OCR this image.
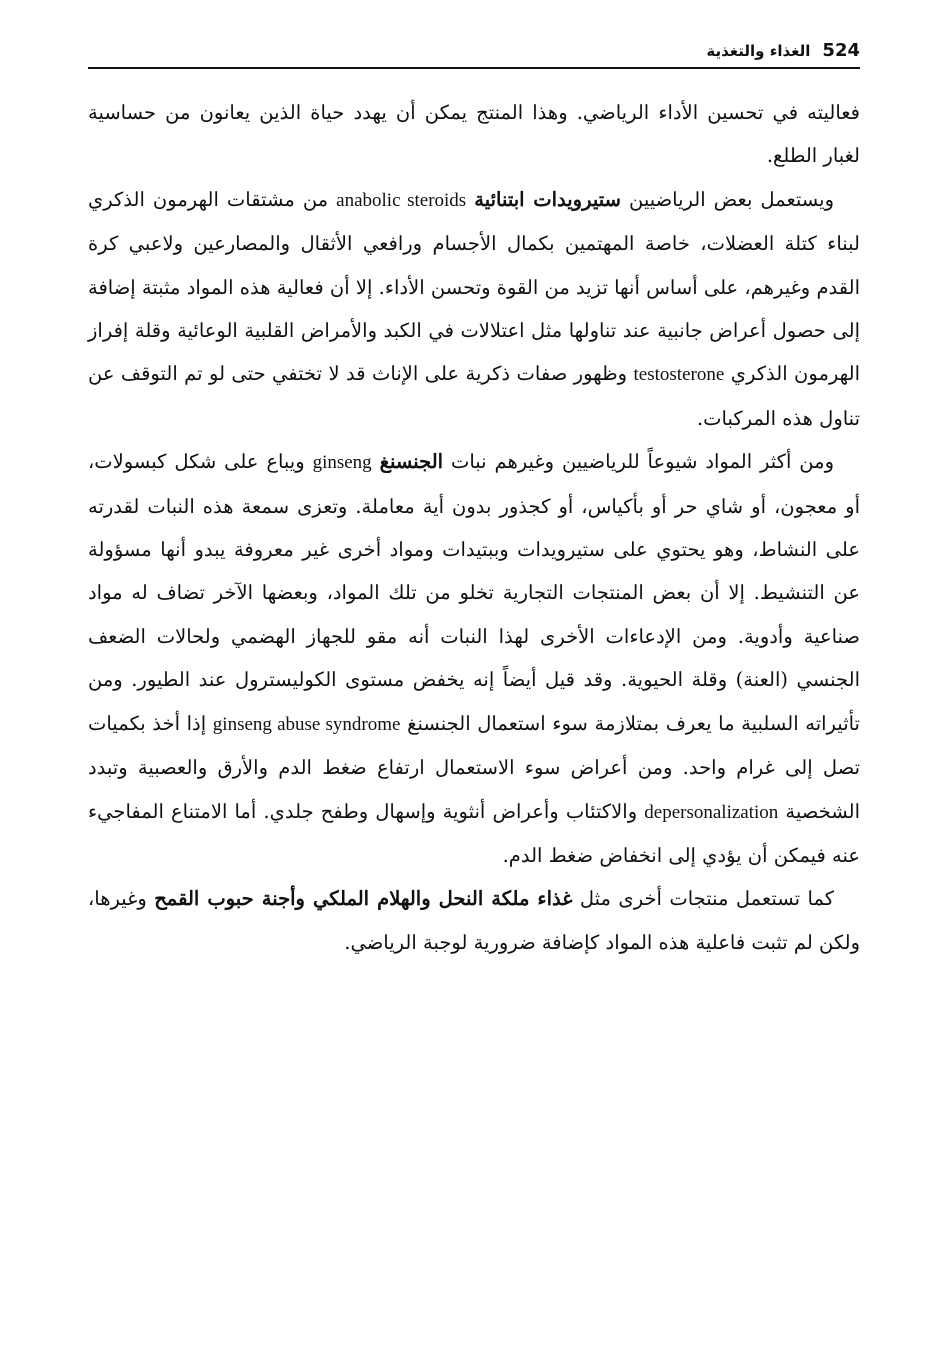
524
الغذاء والتغذية

فعاليته في تحسين الأداء الرياضي. وهذا المنتج يمكن أن يهدد حياة الذين يعانون من حساسية لغبار الطلع.

ويستعمل بعض الرياضيين ستيرويدات ابتنائية anabolic steroids من مشتقات الهرمون الذكري لبناء كتلة العضلات، خاصة المهتمين بكمال الأجسام ورافعي الأثقال والمصارعين ولاعبي كرة القدم وغيرهم، على أساس أنها تزيد من القوة وتحسن الأداء. إلا أن فعالية هذه المواد مثبتة إضافة إلى حصول أعراض جانبية عند تناولها مثل اعتلالات في الكبد والأمراض القلبية الوعائية وقلة إفراز الهرمون الذكري testosterone وظهور صفات ذكرية على الإناث قد لا تختفي حتى لو تم التوقف عن تناول هذه المركبات.

ومن أكثر المواد شيوعاً للرياضيين وغيرهم نبات الجنسنغ ginseng ويباع على شكل كبسولات، أو معجون، أو شاي حر أو بأكياس، أو كجذور بدون أية معاملة. وتعزى سمعة هذه النبات لقدرته على النشاط، وهو يحتوي على ستيرويدات وببتيدات ومواد أخرى غير معروفة يبدو أنها مسؤولة عن التنشيط. إلا أن بعض المنتجات التجارية تخلو من تلك المواد، وبعضها الآخر تضاف له مواد صناعية وأدوية. ومن الإدعاءات الأخرى لهذا النبات أنه مقو للجهاز الهضمي ولحالات الضعف الجنسي (العنة) وقلة الحيوية. وقد قيل أيضاً إنه يخفض مستوى الكوليسترول عند الطيور. ومن تأثيراته السلبية ما يعرف بمتلازمة سوء استعمال الجنسنغ ginseng abuse syndrome إذا أخذ بكميات تصل إلى غرام واحد. ومن أعراض سوء الاستعمال ارتفاع ضغط الدم والأرق والعصبية وتبدد الشخصية depersonalization والاكتئاب وأعراض أنثوية وإسهال وطفح جلدي. أما الامتناع المفاجيء عنه فيمكن أن يؤدي إلى انخفاض ضغط الدم.

كما تستعمل منتجات أخرى مثل غذاء ملكة النحل والهلام الملكي وأجنة حبوب القمح وغيرها، ولكن لم تثبت فاعلية هذه المواد كإضافة ضرورية لوجبة الرياضي.
